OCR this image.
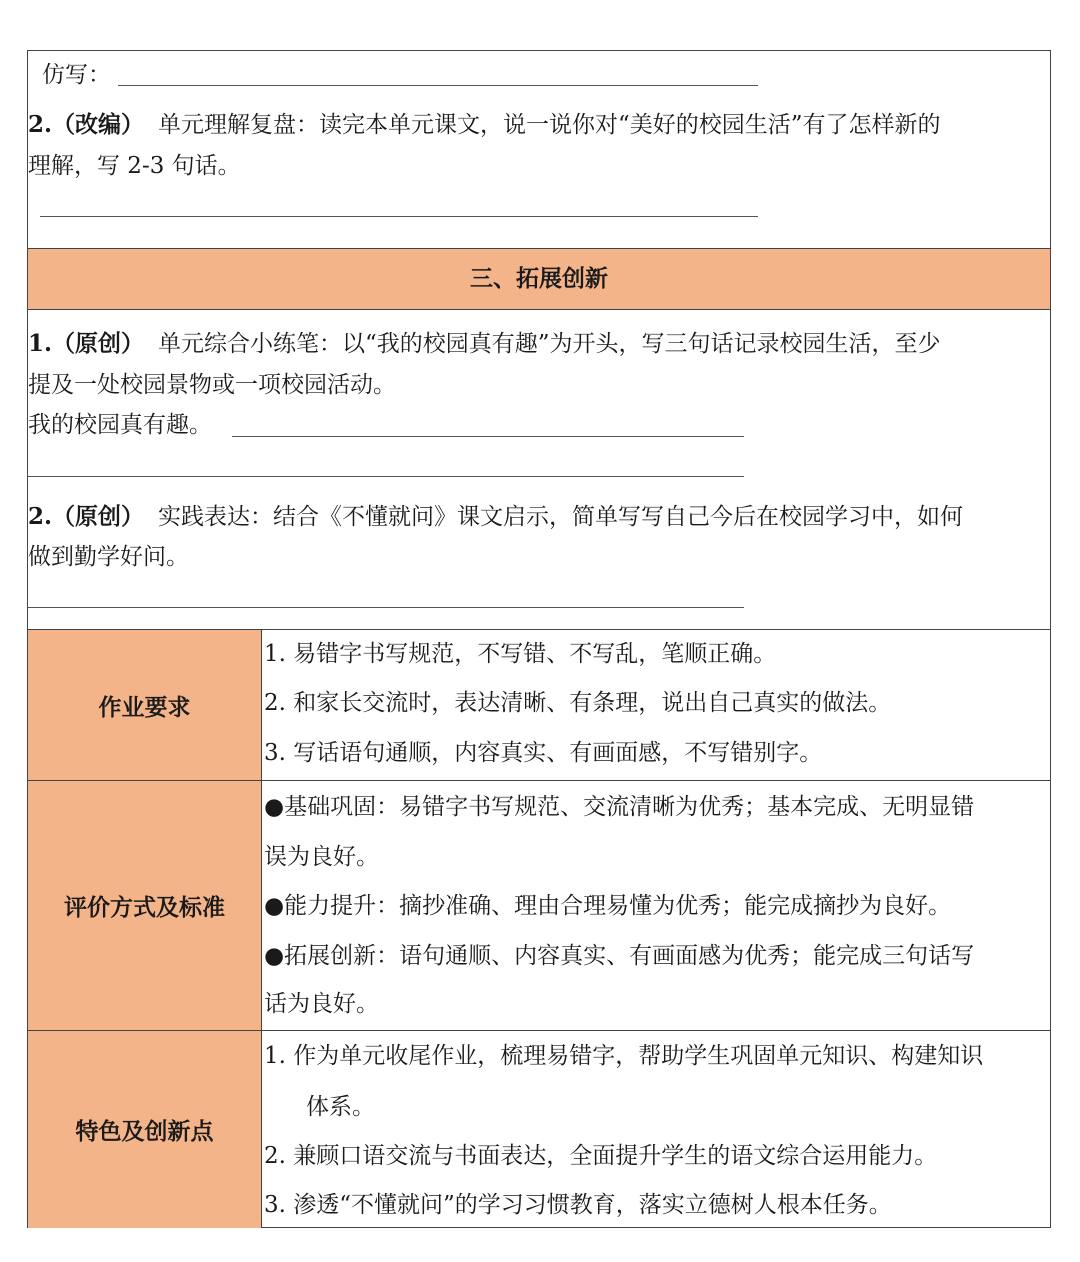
仿写：
2.（改编） 单元理解复盘：读完本单元课文，说一说你对“美好的校园生活”有了怎样新的
理解，写 2-3 句话。
三、拓展创新
1.（原创） 单元综合小练笔：以“我的校园真有趣”为开头，写三句话记录校园生活，至少
提及一处校园景物或一项校园活动。
我的校园真有趣。
2.（原创） 实践表达：结合《不懂就问》课文启示，简单写写自己今后在校园学习中，如何
做到勤学好问。
作业要求
1. 易错字书写规范，不写错、不写乱，笔顺正确。
2. 和家长交流时，表达清晰、有条理，说出自己真实的做法。
3. 写话语句通顺，内容真实、有画面感，不写错别字。
评价方式及标准
●基础巩固：易错字书写规范、交流清晰为优秀；基本完成、无明显错
误为良好。
●能力提升：摘抄准确、理由合理易懂为优秀；能完成摘抄为良好。
●拓展创新：语句通顺、内容真实、有画面感为优秀；能完成三句话写
话为良好。
特色及创新点
1. 作为单元收尾作业，梳理易错字，帮助学生巩固单元知识、构建知识
体系。
2. 兼顾口语交流与书面表达，全面提升学生的语文综合运用能力。
3. 渗透“不懂就问”的学习习惯教育，落实立德树人根本任务。
